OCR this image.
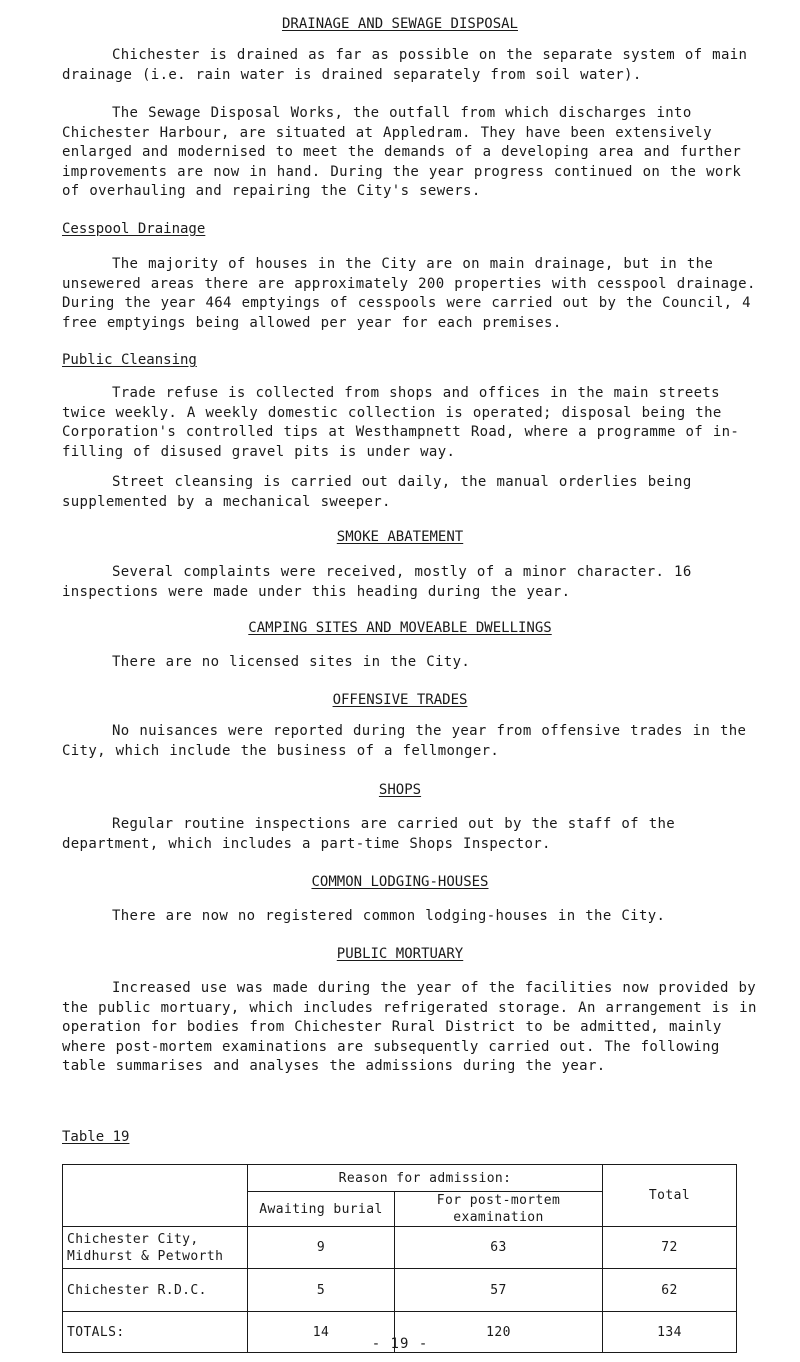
DRAINAGE AND SEWAGE DISPOSAL

Chichester is drained as far as possible on the separate system of main drainage (i.e. rain water is drained separately from soil water).

The Sewage Disposal Works, the outfall from which discharges into Chichester Harbour, are situated at Appledram. They have been extensively enlarged and modernised to meet the demands of a developing area and further improvements are now in hand. During the year progress continued on the work of overhauling and repairing the City's sewers.

Cesspool Drainage

The majority of houses in the City are on main drainage, but in the unsewered areas there are approximately 200 properties with cesspool drainage. During the year 464 emptyings of cesspools were carried out by the Council, 4 free emptyings being allowed per year for each premises.

Public Cleansing

Trade refuse is collected from shops and offices in the main streets twice weekly. A weekly domestic collection is operated; disposal being the Corporation's controlled tips at Westhampnett Road, where a programme of in-filling of disused gravel pits is under way.

Street cleansing is carried out daily, the manual orderlies being supplemented by a mechanical sweeper.

SMOKE ABATEMENT

Several complaints were received, mostly of a minor character. 16 inspections were made under this heading during the year.

CAMPING SITES AND MOVEABLE DWELLINGS

There are no licensed sites in the City.

OFFENSIVE TRADES

No nuisances were reported during the year from offensive trades in the City, which include the business of a fellmonger.

SHOPS

Regular routine inspections are carried out by the staff of the department, which includes a part-time Shops Inspector.

COMMON LODGING-HOUSES

There are now no registered common lodging-houses in the City.

PUBLIC MORTUARY

Increased use was made during the year of the facilities now provided by the public mortuary, which includes refrigerated storage. An arrangement is in operation for bodies from Chichester Rural District to be admitted, mainly where post-mortem examinations are subsequently carried out. The following table summarises and analyses the admissions during the year.

Table 19
	Reason for admission:		Total
	Awaiting burial	For post-mortem examination	
Chichester City, Midhurst & Petworth	9	63	72
Chichester R.D.C.	5	57	62
TOTALS:	14	120	134
- 19 -
